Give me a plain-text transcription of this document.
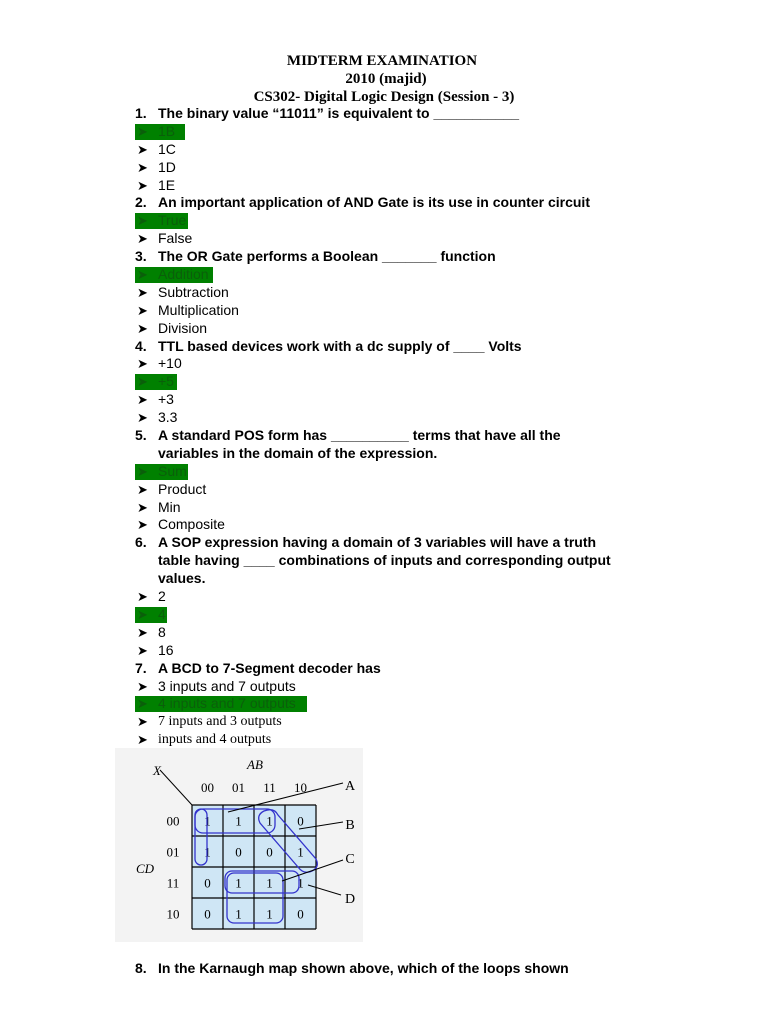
MIDTERM EXAMINATION
2010 (majid)
CS302- Digital Logic Design (Session - 3)
1. The binary value “11011” is equivalent to ___________
➤ 1B
➤ 1C
➤ 1D
➤ 1E
2. An important application of AND Gate is its use in counter circuit
➤ True
➤ False
3. The OR Gate performs a Boolean _______ function
➤ Addition
➤ Subtraction
➤ Multiplication
➤ Division
4. TTL based devices work with a dc supply of ____ Volts
➤ +10
➤ +5
➤ +3
➤ 3.3
5. A standard POS form has __________ terms that have all the
variables in the domain of the expression.
➤ Sum
➤ Product
➤ Min
➤ Composite
6. A SOP expression having a domain of 3 variables will have a truth
table having ____ combinations of inputs and corresponding output
values.
➤ 2
➤ 4
➤ 8
➤ 16
7. A BCD to 7-Segment decoder has
➤ 3 inputs and 7 outputs
➤ 4 inputs and 7 outputs
➤ 7 inputs and 3 outputs
➤ inputs and 4 outputs
X	AB
CD
00 01 11 10
00
01
11
10
1 1 1 0
1 0 0 1
0 1 1 1
0 1 1 0
A
B
C
D
8. In the Karnaugh map shown above, which of the loops shown
